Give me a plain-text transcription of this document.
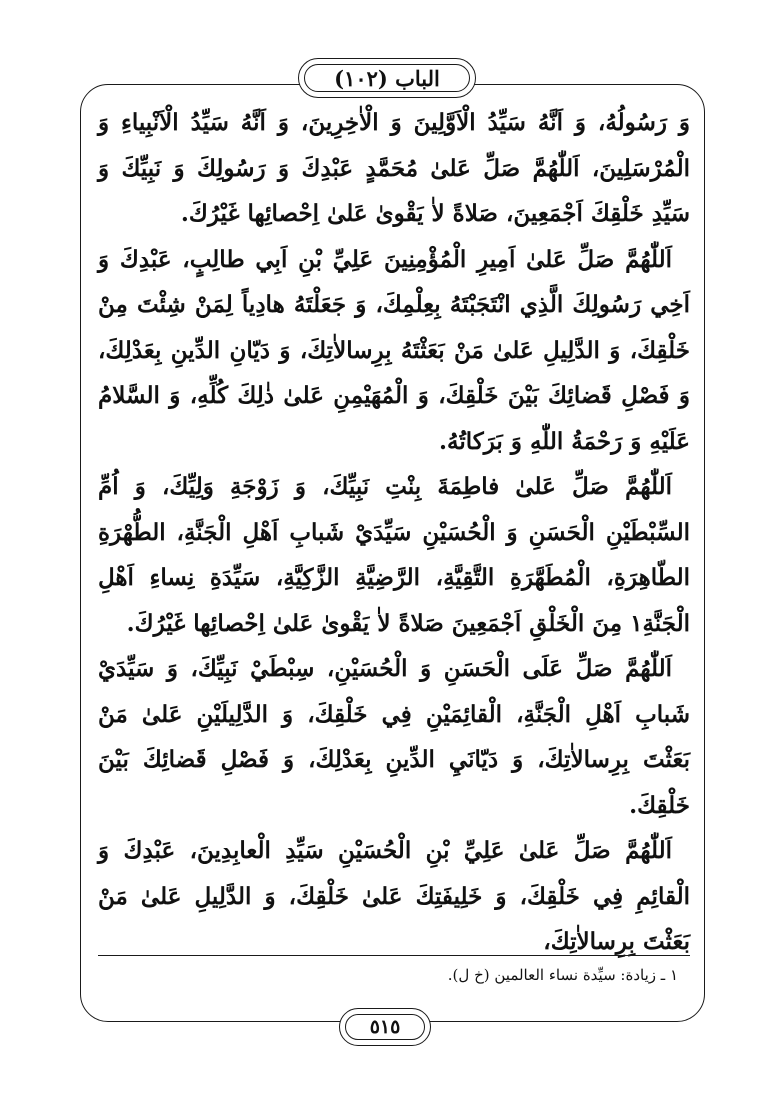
الباب (١٠٢)

وَ رَسُولُهُ، وَ اَنَّهُ سَيِّدُ الْاَوَّلِينَ وَ الْاٰخِرِينَ، وَ اَنَّهُ سَيِّدُ الْاَنْبِياءِ وَ الْمُرْسَلِينَ، اَللّٰهُمَّ صَلِّ عَلىٰ مُحَمَّدٍ عَبْدِكَ وَ رَسُولِكَ وَ نَبِيِّكَ وَ سَيِّدِ خَلْقِكَ اَجْمَعِينَ، صَلاةً لاٰ يَقْوىٰ عَلىٰ اِحْصائِها غَيْرُكَ.

اَللّٰهُمَّ صَلِّ عَلىٰ اَمِيرِ الْمُؤْمِنِينَ عَلِيِّ بْنِ اَبِي طالِبٍ، عَبْدِكَ وَ اَخِي رَسُولِكَ الَّذِي انْتَجَبْتَهُ بِعِلْمِكَ، وَ جَعَلْتَهُ هادِياً لِمَنْ شِئْتَ مِنْ خَلْقِكَ، وَ الدَّلِيلِ عَلىٰ مَنْ بَعَثْتَهُ بِرِسالاٰتِكَ، وَ دَيّانِ الدِّينِ بِعَدْلِكَ، وَ فَصْلِ قَضائِكَ بَيْنَ خَلْقِكَ، وَ الْمُهَيْمِنِ عَلىٰ ذٰلِكَ كُلِّهِ، وَ السَّلامُ عَلَيْهِ وَ رَحْمَةُ اللّٰهِ وَ بَرَكاتُهُ.

اَللّٰهُمَّ صَلِّ عَلىٰ فاطِمَةَ بِنْتِ نَبِيِّكَ، وَ زَوْجَةِ وَلِيِّكَ، وَ اُمِّ السِّبْطَيْنِ الْحَسَنِ وَ الْحُسَيْنِ سَيِّدَيْ شَبابِ اَهْلِ الْجَنَّةِ، الطُّهْرَةِ الطّاهِرَةِ، الْمُطَهَّرَةِ التَّقِيَّةِ، الرَّضِيَّةِ الزَّكِيَّةِ، سَيِّدَةِ نِساءِ اَهْلِ الْجَنَّةِ١ مِنَ الْخَلْقِ اَجْمَعِينَ صَلاةً لاٰ يَقْوىٰ عَلىٰ اِحْصائِها غَيْرُكَ.

اَللّٰهُمَّ صَلِّ عَلَى الْحَسَنِ وَ الْحُسَيْنِ، سِبْطَيْ نَبِيِّكَ، وَ سَيِّدَيْ شَبابِ اَهْلِ الْجَنَّةِ، الْقائِمَيْنِ فِي خَلْقِكَ، وَ الدَّلِيلَيْنِ عَلىٰ مَنْ بَعَثْتَ بِرِسالاٰتِكَ، وَ دَيّانَيِ الدِّينِ بِعَدْلِكَ، وَ فَصْلِ قَضائِكَ بَيْنَ خَلْقِكَ.

اَللّٰهُمَّ صَلِّ عَلىٰ عَلِيِّ بْنِ الْحُسَيْنِ سَيِّدِ الْعابِدِينَ، عَبْدِكَ وَ الْقائِمِ فِي خَلْقِكَ، وَ خَلِيفَتِكَ عَلىٰ خَلْقِكَ، وَ الدَّلِيلِ عَلىٰ مَنْ بَعَثْتَ بِرِسالاٰتِكَ،

١ ـ زيادة: سيِّدة نساء العالمين (خ ل).
٥١٥
